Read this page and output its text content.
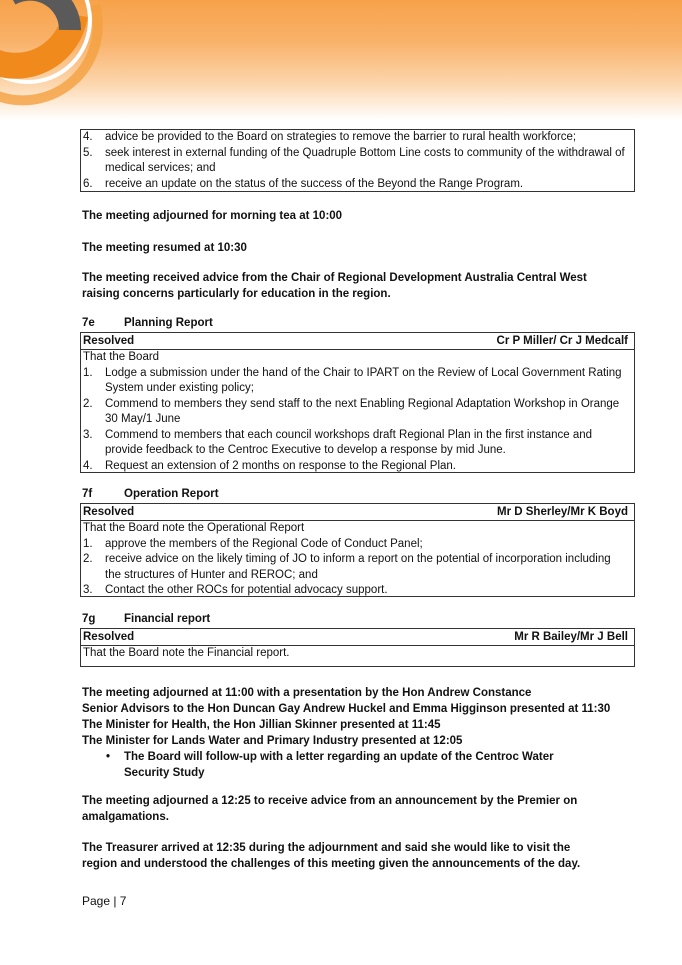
4.	advice be provided to the Board on strategies to remove the barrier to rural health workforce;
5.	seek interest in external funding of the Quadruple Bottom Line costs to community of the withdrawal of medical services; and
6.	receive an update on the status of the success of the Beyond the Range Program.
The meeting adjourned for morning tea at 10:00
The meeting resumed at 10:30
The meeting received advice from the Chair of Regional Development Australia Central West raising concerns particularly for education in the region.
7e	Planning Report
Resolved	Cr P Miller/ Cr J Medcalf
That the Board
1.	Lodge a submission under the hand of the Chair to IPART on the Review of Local Government Rating System under existing policy;
2.	Commend to members they send staff to the next Enabling Regional Adaptation Workshop in Orange 30 May/1 June
3.	Commend to members that each council workshops draft Regional Plan in the first instance and provide feedback to the Centroc Executive to develop a response by mid June.
4.	Request an extension of 2 months on response to the Regional Plan.
7f	Operation Report
Resolved	Mr D Sherley/Mr K Boyd
That the Board note the Operational Report
1.	approve the members of the Regional Code of Conduct Panel;
2.	receive advice on the likely timing of JO to inform a report on the potential of incorporation including the structures of Hunter and REROC; and
3.	Contact the other ROCs for potential advocacy support.
7g Financial report
Resolved	Mr R Bailey/Mr J Bell
That the Board note the Financial report.
The meeting adjourned at 11:00 with a presentation by the Hon Andrew Constance
Senior Advisors to the Hon Duncan Gay Andrew Huckel and Emma Higginson presented at 11:30
The Minister for Health, the Hon Jillian Skinner presented at 11:45
The Minister for Lands Water and Primary Industry presented at 12:05
•	The Board will follow-up with a letter regarding an update of the Centroc Water Security Study
The meeting adjourned a 12:25 to receive advice from an announcement by the Premier on amalgamations.
The Treasurer arrived at 12:35 during the adjournment and said she would like to visit the region and understood the challenges of this meeting given the announcements of the day.
Page | 7
